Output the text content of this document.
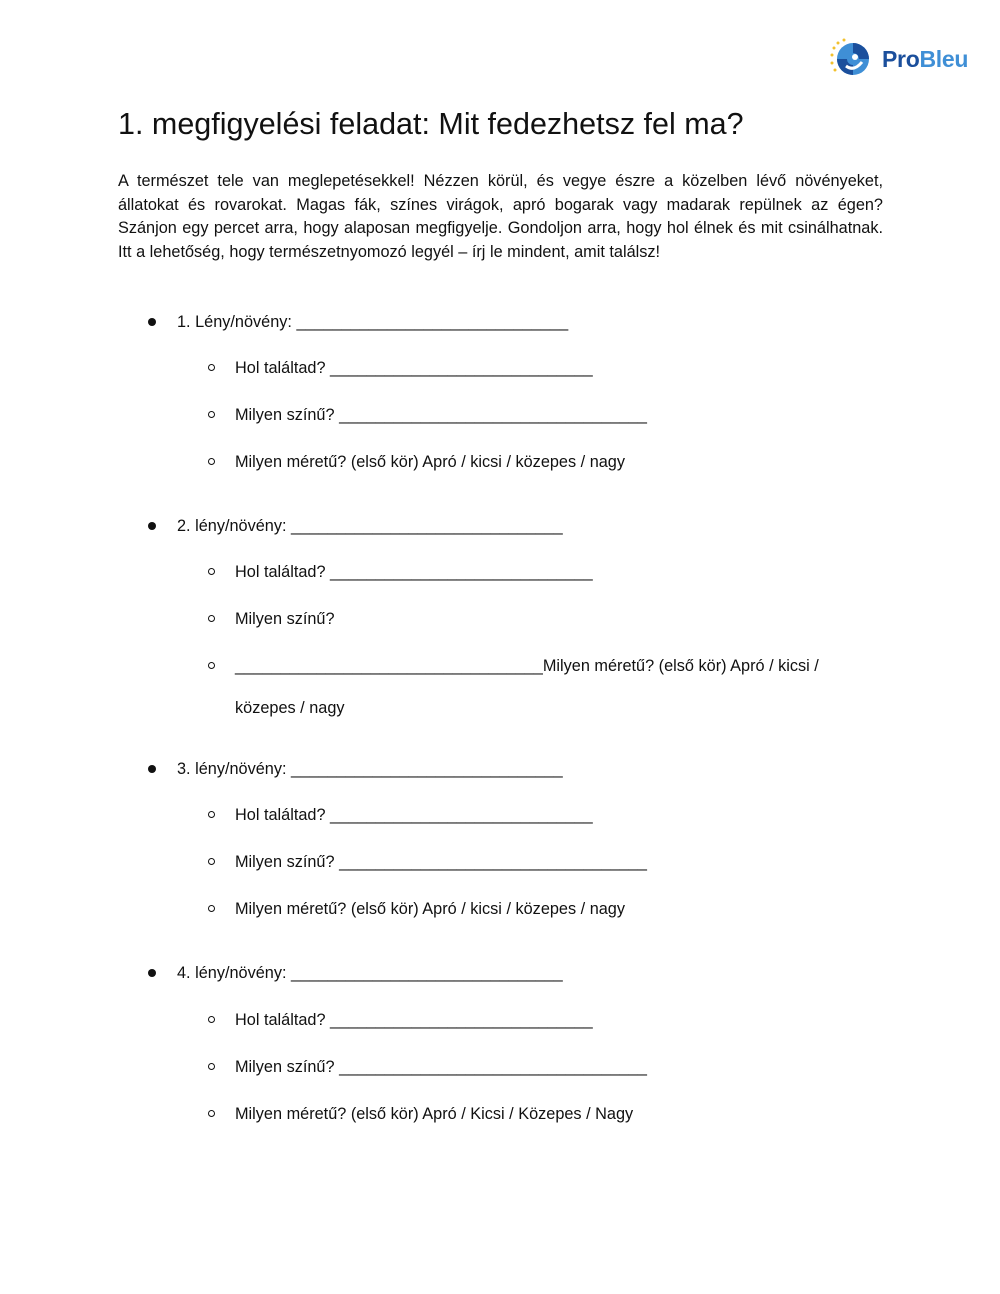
ProBleu
1. megfigyelési feladat: Mit fedezhetsz fel ma?

A természet tele van meglepetésekkel! Nézzen körül, és vegye észre a közelben lévő növényeket, állatokat és rovarokat. Magas fák, színes virágok, apró bogarak vagy madarak repülnek az égen? Szánjon egy percet arra, hogy alaposan megfigyelje. Gondoljon arra, hogy hol élnek és mit csinálhatnak. Itt a lehetőség, hogy természetnyomozó legyél – írj le mindent, amit találsz!

1. Lény/növény: ______________________________
Hol találtad? _____________________________
Milyen színű? __________________________________
Milyen méretű? (első kör) Apró / kicsi / közepes / nagy
2. lény/növény: ______________________________
Hol találtad? _____________________________
Milyen színű?
__________________________________Milyen méretű? (első kör) Apró / kicsi /
közepes / nagy
3. lény/növény: ______________________________
Hol találtad? _____________________________
Milyen színű? __________________________________
Milyen méretű? (első kör) Apró / kicsi / közepes / nagy
4. lény/növény: ______________________________
Hol találtad? _____________________________
Milyen színű? __________________________________
Milyen méretű? (első kör) Apró / Kicsi / Közepes / Nagy
